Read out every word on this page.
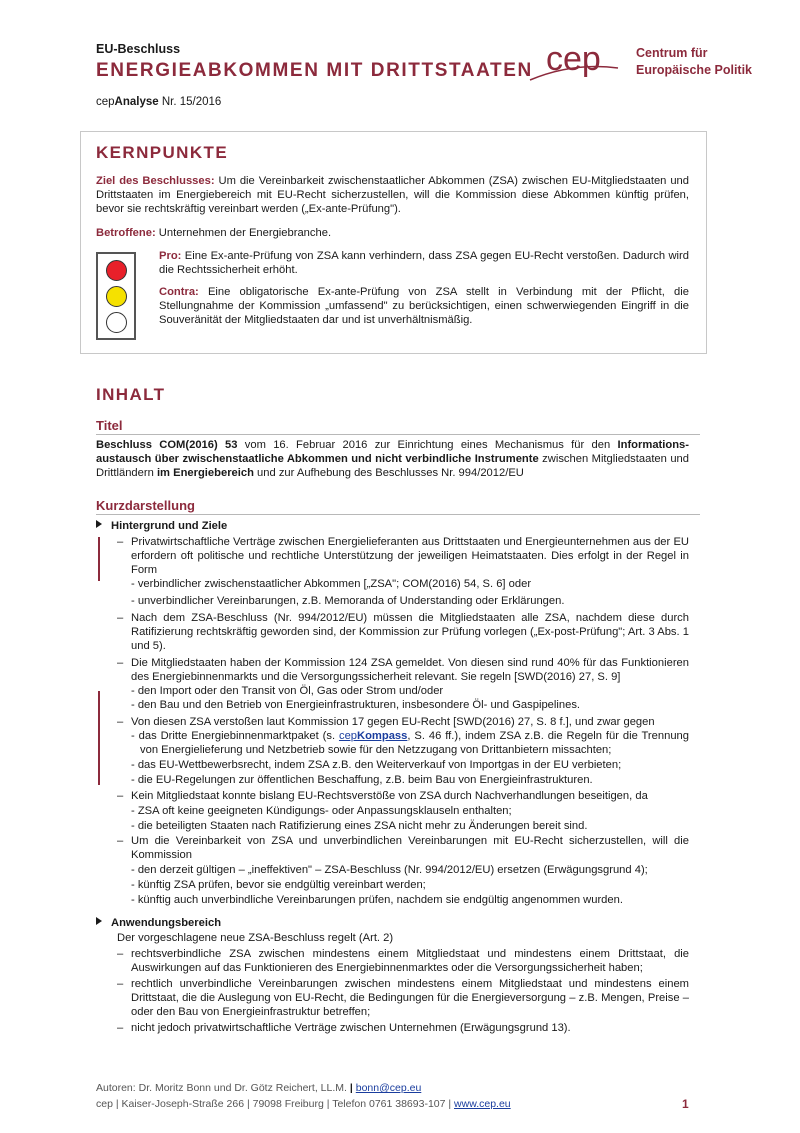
EU-Beschluss
ENERGIEABKOMMEN MIT DRITTSTAATEN
cepAnalyse Nr. 15/2016
cep	Centrum für
Europäische Politik
KERNPUNKTE
Ziel des Beschlusses: Um die Vereinbarkeit zwischenstaatlicher Abkommen (ZSA) zwischen EU-Mitgliedstaaten und Drittstaaten im Energiebereich mit EU-Recht sicherzustellen, will die Kommission diese Abkommen künftig prüfen, bevor sie rechtskräftig vereinbart werden („Ex-ante-Prüfung").
Betroffene: Unternehmen der Energiebranche.
Pro: Eine Ex-ante-Prüfung von ZSA kann verhindern, dass ZSA gegen EU-Recht verstoßen. Dadurch wird die Rechtssicherheit erhöht.
Contra: Eine obligatorische Ex-ante-Prüfung von ZSA stellt in Verbindung mit der Pflicht, die Stellungnahme der Kommission „umfassend" zu berücksichtigen, einen schwerwiegenden Eingriff in die Souveränität der Mitgliedstaaten dar und ist unverhältnismäßig.
INHALT
Titel
Beschluss COM(2016) 53 vom 16. Februar 2016 zur Einrichtung eines Mechanismus für den Informations-austausch über zwischenstaatliche Abkommen und nicht verbindliche Instrumente zwischen Mitgliedstaaten und Drittländern im Energiebereich und zur Aufhebung des Beschlusses Nr. 994/2012/EU
Kurzdarstellung
Hintergrund und Ziele
– Privatwirtschaftliche Verträge zwischen Energielieferanten aus Drittstaaten und Energieunternehmen aus der EU erfordern oft politische und rechtliche Unterstützung der jeweiligen Heimatstaaten. Dies erfolgt in der Regel in Form
- verbindlicher zwischenstaatlicher Abkommen [„ZSA"; COM(2016) 54, S. 6] oder
- unverbindlicher Vereinbarungen, z.B. Memoranda of Understanding oder Erklärungen.
– Nach dem ZSA-Beschluss (Nr. 994/2012/EU) müssen die Mitgliedstaaten alle ZSA, nachdem diese durch Ratifizierung rechtskräftig geworden sind, der Kommission zur Prüfung vorlegen („Ex-post-Prüfung"; Art. 3 Abs. 1 und 5).
– Die Mitgliedstaaten haben der Kommission 124 ZSA gemeldet. Von diesen sind rund 40% für das Funktionieren des Energiebinnenmarkts und die Versorgungssicherheit relevant. Sie regeln [SWD(2016) 27, S. 9]
- den Import oder den Transit von Öl, Gas oder Strom und/oder
- den Bau und den Betrieb von Energieinfrastrukturen, insbesondere Öl- und Gaspipelines.
– Von diesen ZSA verstoßen laut Kommission 17 gegen EU-Recht [SWD(2016) 27, S. 8 f.], und zwar gegen
- das Dritte Energiebinnenmarktpaket (s. cepKompass, S. 46 ff.), indem ZSA z.B. die Regeln für die Trennung von Energielieferung und Netzbetrieb sowie für den Netzzugang von Drittanbietern missachten;
- das EU-Wettbewerbsrecht, indem ZSA z.B. den Weiterverkauf von Importgas in der EU verbieten;
- die EU-Regelungen zur öffentlichen Beschaffung, z.B. beim Bau von Energieinfrastrukturen.
– Kein Mitgliedstaat konnte bislang EU-Rechtsverstöße von ZSA durch Nachverhandlungen beseitigen, da
- ZSA oft keine geeigneten Kündigungs- oder Anpassungsklauseln enthalten;
- die beteiligten Staaten nach Ratifizierung eines ZSA nicht mehr zu Änderungen bereit sind.
– Um die Vereinbarkeit von ZSA und unverbindlichen Vereinbarungen mit EU-Recht sicherzustellen, will die Kommission
- den derzeit gültigen – „ineffektiven" – ZSA-Beschluss (Nr. 994/2012/EU) ersetzen (Erwägungsgrund 4);
- künftig ZSA prüfen, bevor sie endgültig vereinbart werden;
- künftig auch unverbindliche Vereinbarungen prüfen, nachdem sie endgültig angenommen wurden.
Anwendungsbereich
Der vorgeschlagene neue ZSA-Beschluss regelt (Art. 2)
– rechtsverbindliche ZSA zwischen mindestens einem Mitgliedstaat und mindestens einem Drittstaat, die Auswirkungen auf das Funktionieren des Energiebinnenmarktes oder die Versorgungssicherheit haben;
– rechtlich unverbindliche Vereinbarungen zwischen mindestens einem Mitgliedstaat und mindestens einem Drittstaat, die die Auslegung von EU-Recht, die Bedingungen für die Energieversorgung – z.B. Mengen, Preise – oder den Bau von Energieinfrastruktur betreffen;
– nicht jedoch privatwirtschaftliche Verträge zwischen Unternehmen (Erwägungsgrund 13).
Autoren: Dr. Moritz Bonn und Dr. Götz Reichert, LL.M. | bonn@cep.eu
cep | Kaiser-Joseph-Straße 266 | 79098 Freiburg | Telefon 0761 38693-107 | www.cep.eu	1
